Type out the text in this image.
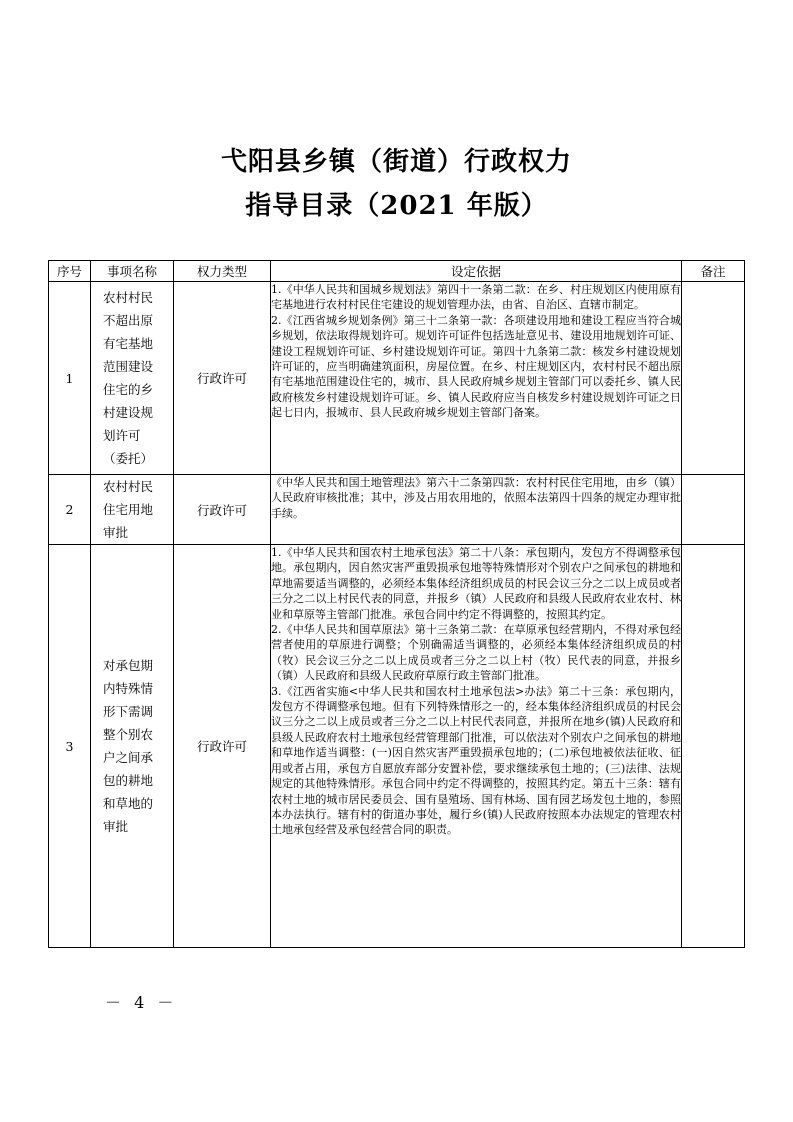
弋阳县乡镇（街道）行政权力
指导目录（2021 年版）
序号	事项名称	权力类型	设定依据	备注
1	农村村民不超出原有宅基地范围建设住宅的乡村建设规划许可（委托）	行政许可	1.《中华人民共和国城乡规划法》第四十一条第二款：在乡、村庄规划区内使用原有宅基地进行农村村民住宅建设的规划管理办法，由省、自治区、直辖市制定。

2.《江西省城乡规划条例》第三十二条第一款：各项建设用地和建设工程应当符合城乡规划，依法取得规划许可。规划许可证件包括选址意见书、建设用地规划许可证、建设工程规划许可证、乡村建设规划许可证。第四十九条第二款：核发乡村建设规划许可证的，应当明确建筑面积，房屋位置。在乡、村庄规划区内，农村村民不超出原有宅基地范围建设住宅的，城市、县人民政府城乡规划主管部门可以委托乡、镇人民政府核发乡村建设规划许可证。乡、镇人民政府应当自核发乡村建设规划许可证之日起七日内，报城市、县人民政府城乡规划主管部门备案。	

2	农村村民住宅用地审批	行政许可	《中华人民共和国土地管理法》第六十二条第四款：农村村民住宅用地，由乡（镇）人民政府审核批准；其中，涉及占用农用地的，依照本法第四十四条的规定办理审批手续。	

3	对承包期内特殊情形下需调整个别农户之间承包的耕地和草地的审批	行政许可	1.《中华人民共和国农村土地承包法》第二十八条：承包期内，发包方不得调整承包地。承包期内，因自然灾害严重毁损承包地等特殊情形对个别农户之间承包的耕地和草地需要适当调整的，必须经本集体经济组织成员的村民会议三分之二以上成员或者三分之二以上村民代表的同意，并报乡（镇）人民政府和县级人民政府农业农村、林业和草原等主管部门批准。承包合同中约定不得调整的，按照其约定。

2.《中华人民共和国草原法》第十三条第二款：在草原承包经营期内，不得对承包经营者使用的草原进行调整；个别确需适当调整的，必须经本集体经济组织成员的村（牧）民会议三分之二以上成员或者三分之二以上村（牧）民代表的同意，并报乡（镇）人民政府和县级人民政府草原行政主管部门批准。

3.《江西省实施<中华人民共和国农村土地承包法>办法》第二十三条：承包期内，发包方不得调整承包地。但有下列特殊情形之一的，经本集体经济组织成员的村民会议三分之二以上成员或者三分之二以上村民代表同意，并报所在地乡(镇)人民政府和县级人民政府农村土地承包经营管理部门批准，可以依法对个别农户之间承包的耕地和草地作适当调整：(一)因自然灾害严重毁损承包地的；(二)承包地被依法征收、征用或者占用，承包方自愿放弃部分安置补偿，要求继续承包土地的；(三)法律、法规规定的其他特殊情形。承包合同中约定不得调整的，按照其约定。第五十三条：辖有农村土地的城市居民委员会、国有垦殖场、国有林场、国有园艺场发包土地的，参照本办法执行。辖有村的街道办事处，履行乡(镇)人民政府按照本办法规定的管理农村土地承包经营及承包经营合同的职责。	

－ 4 －
